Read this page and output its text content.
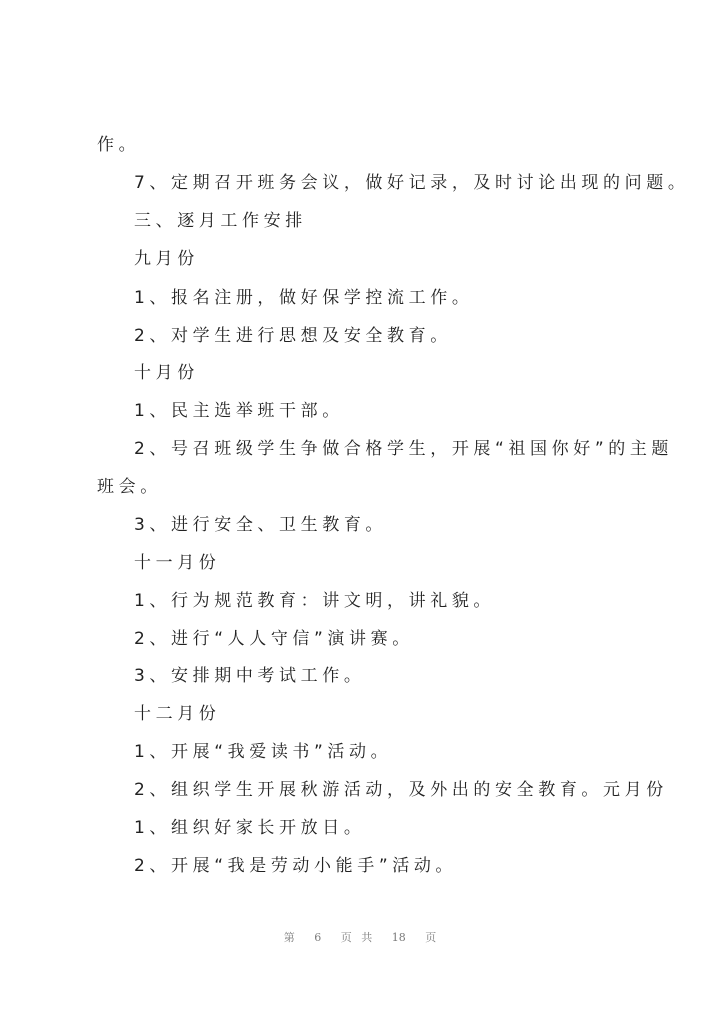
作。
7、定期召开班务会议，做好记录，及时讨论出现的问题。
三、逐月工作安排
九月份
1、报名注册，做好保学控流工作。
2、对学生进行思想及安全教育。
十月份
1、民主选举班干部。
2、号召班级学生争做合格学生，开展“祖国你好”的主题
班会。
3、进行安全、卫生教育。
十一月份
1、行为规范教育：讲文明，讲礼貌。
2、进行“人人守信”演讲赛。
3、安排期中考试工作。
十二月份
1、开展“我爱读书”活动。
2、组织学生开展秋游活动，及外出的安全教育。元月份
1、组织好家长开放日。
2、开展“我是劳动小能手”活动。
第 6 页 共 18 页
